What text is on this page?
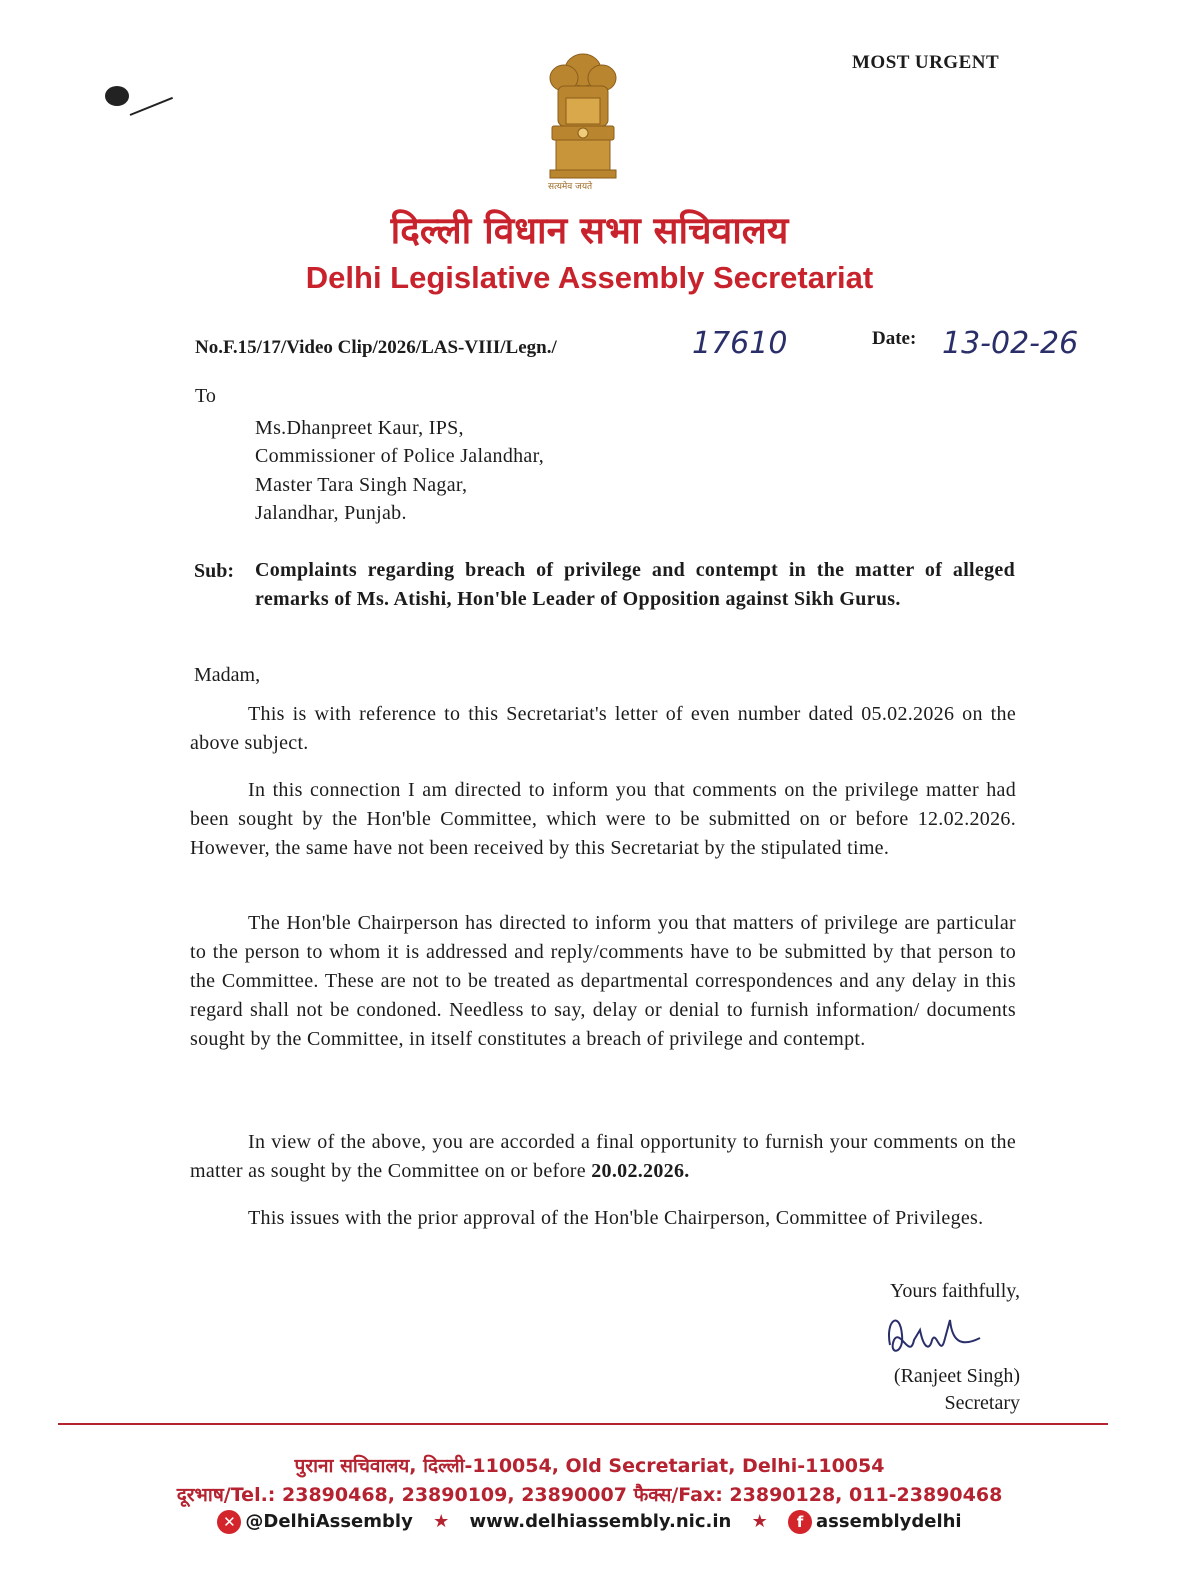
MOST URGENT
सत्यमेव जयते
दिल्ली विधान सभा सचिवालय
Delhi Legislative Assembly Secretariat
No.F.15/17/Video Clip/2026/LAS-VIII/Legn./	17610	Date: 13-02-26
To
Ms.Dhanpreet Kaur, IPS,
Commissioner of Police Jalandhar,
Master Tara Singh Nagar,
Jalandhar, Punjab.
Sub: Complaints regarding breach of privilege and contempt in the matter of alleged remarks of Ms. Atishi, Hon'ble Leader of Opposition against Sikh Gurus.
Madam,
This is with reference to this Secretariat's letter of even number dated 05.02.2026 on the above subject.
In this connection I am directed to inform you that comments on the privilege matter had been sought by the Hon'ble Committee, which were to be submitted on or before 12.02.2026. However, the same have not been received by this Secretariat by the stipulated time.
The Hon'ble Chairperson has directed to inform you that matters of privilege are particular to the person to whom it is addressed and reply/comments have to be submitted by that person to the Committee. These are not to be treated as departmental correspondences and any delay in this regard shall not be condoned. Needless to say, delay or denial to furnish information/ documents sought by the Committee, in itself constitutes a breach of privilege and contempt.
In view of the above, you are accorded a final opportunity to furnish your comments on the matter as sought by the Committee on or before 20.02.2026.
This issues with the prior approval of the Hon'ble Chairperson, Committee of Privileges.
Yours faithfully,
(Ranjeet Singh)
Secretary
पुराना सचिवालय, दिल्ली-110054, Old Secretariat, Delhi-110054
दूरभाष/Tel.: 23890468, 23890109, 23890007 फैक्स/Fax: 23890128, 011-23890468
✕ @DelhiAssembly ★ www.delhiassembly.nic.in ★ f assemblydelhi
